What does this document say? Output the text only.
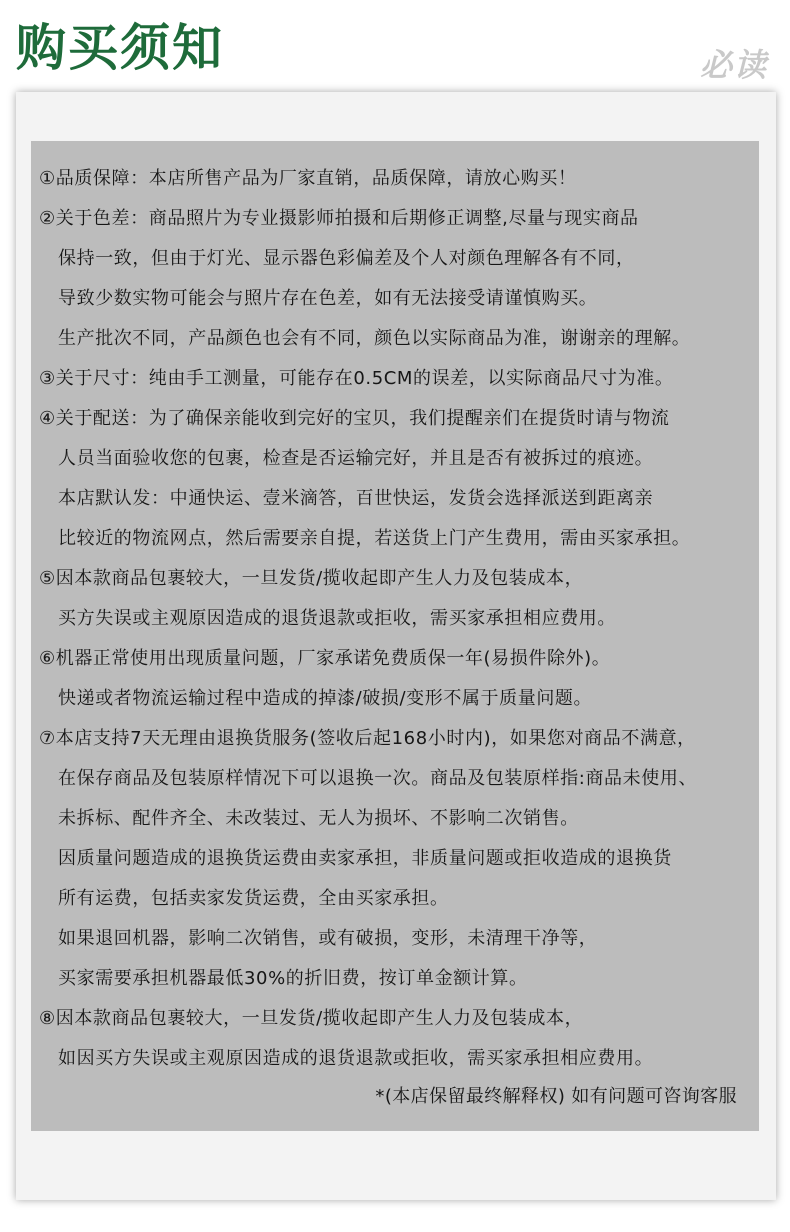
购买须知	必读
①品质保障：本店所售产品为厂家直销，品质保障，请放心购买！
②关于色差：商品照片为专业摄影师拍摄和后期修正调整,尽量与现实商品
保持一致，但由于灯光、显示器色彩偏差及个人对颜色理解各有不同，
导致少数实物可能会与照片存在色差，如有无法接受请谨慎购买。
生产批次不同，产品颜色也会有不同，颜色以实际商品为准，谢谢亲的理解。
③关于尺寸：纯由手工测量，可能存在0.5CM的误差，以实际商品尺寸为准。
④关于配送：为了确保亲能收到完好的宝贝，我们提醒亲们在提货时请与物流
人员当面验收您的包裹，检查是否运输完好，并且是否有被拆过的痕迹。
本店默认发：中通快运、壹米滴答，百世快运，发货会选择派送到距离亲
比较近的物流网点，然后需要亲自提，若送货上门产生费用，需由买家承担。
⑤因本款商品包裹较大，一旦发货/揽收起即产生人力及包装成本，
买方失误或主观原因造成的退货退款或拒收，需买家承担相应费用。
⑥机器正常使用出现质量问题，厂家承诺免费质保一年(易损件除外)。
快递或者物流运输过程中造成的掉漆/破损/变形不属于质量问题。
⑦本店支持7天无理由退换货服务(签收后起168小时内)，如果您对商品不满意，
在保存商品及包装原样情况下可以退换一次。商品及包装原样指:商品未使用、
未拆标、配件齐全、未改装过、无人为损坏、不影响二次销售。
因质量问题造成的退换货运费由卖家承担，非质量问题或拒收造成的退换货
所有运费，包括卖家发货运费，全由买家承担。
如果退回机器，影响二次销售，或有破损，变形，未清理干净等，
买家需要承担机器最低30%的折旧费，按订单金额计算。
⑧因本款商品包裹较大，一旦发货/揽收起即产生人力及包装成本，
如因买方失误或主观原因造成的退货退款或拒收，需买家承担相应费用。
*(本店保留最终解释权) 如有问题可咨询客服
